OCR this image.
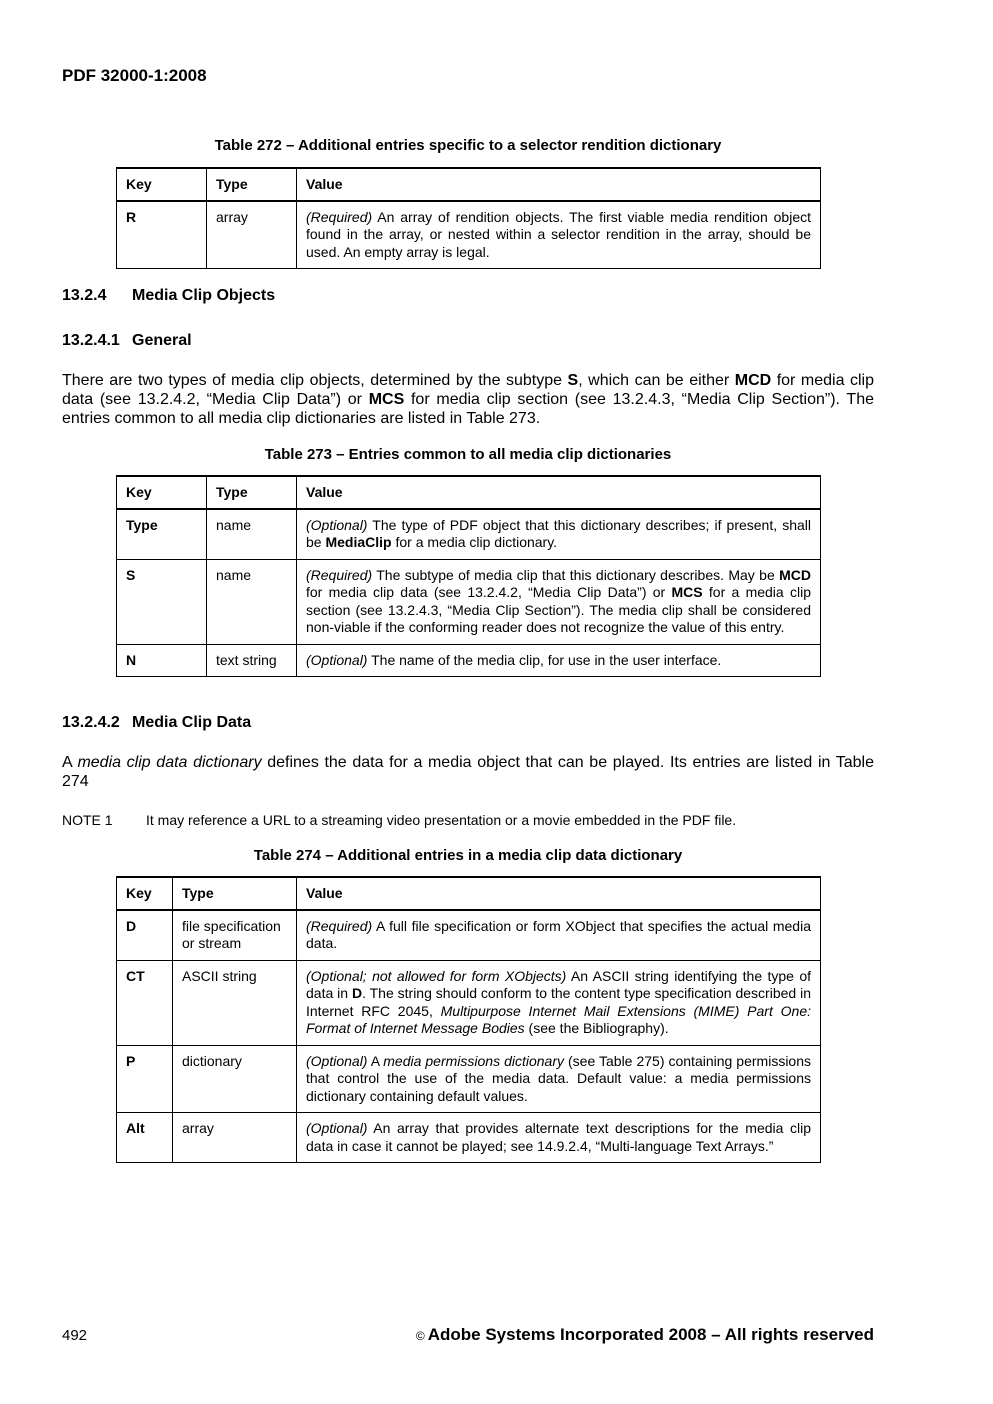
PDF 32000-1:2008
Table 272 – Additional entries specific to a selector rendition dictionary
Key	Type	Value
R	array	(Required) An array of rendition objects. The first viable media rendition object found in the array, or nested within a selector rendition in the array, should be used. An empty array is legal.
13.2.4 Media Clip Objects
13.2.4.1 General
There are two types of media clip objects, determined by the subtype S, which can be either MCD for media clip data (see 13.2.4.2, “Media Clip Data”) or MCS for media clip section (see 13.2.4.3, “Media Clip Section”). The entries common to all media clip dictionaries are listed in Table 273.
Table 273 – Entries common to all media clip dictionaries
Key	Type	Value
Type	name	(Optional) The type of PDF object that this dictionary describes; if present, shall be MediaClip for a media clip dictionary.
S	name	(Required) The subtype of media clip that this dictionary describes. May be MCD for media clip data (see 13.2.4.2, “Media Clip Data”) or MCS for a media clip section (see 13.2.4.3, “Media Clip Section”). The media clip shall be considered non-viable if the conforming reader does not recognize the value of this entry.
N	text string	(Optional) The name of the media clip, for use in the user interface.
13.2.4.2 Media Clip Data
A media clip data dictionary defines the data for a media object that can be played. Its entries are listed in Table 274
NOTE 1 It may reference a URL to a streaming video presentation or a movie embedded in the PDF file.
Table 274 – Additional entries in a media clip data dictionary
Key	Type	Value
D	file specification or stream	(Required) A full file specification or form XObject that specifies the actual media data.
CT	ASCII string	(Optional; not allowed for form XObjects) An ASCII string identifying the type of data in D. The string should conform to the content type specification described in Internet RFC 2045, Multipurpose Internet Mail Extensions (MIME) Part One: Format of Internet Message Bodies (see the Bibliography).
P	dictionary	(Optional) A media permissions dictionary (see Table 275) containing permissions that control the use of the media data. Default value: a media permissions dictionary containing default values.
Alt	array	(Optional) An array that provides alternate text descriptions for the media clip data in case it cannot be played; see 14.9.2.4, “Multi-language Text Arrays.”
492	© Adobe Systems Incorporated 2008 – All rights reserved
